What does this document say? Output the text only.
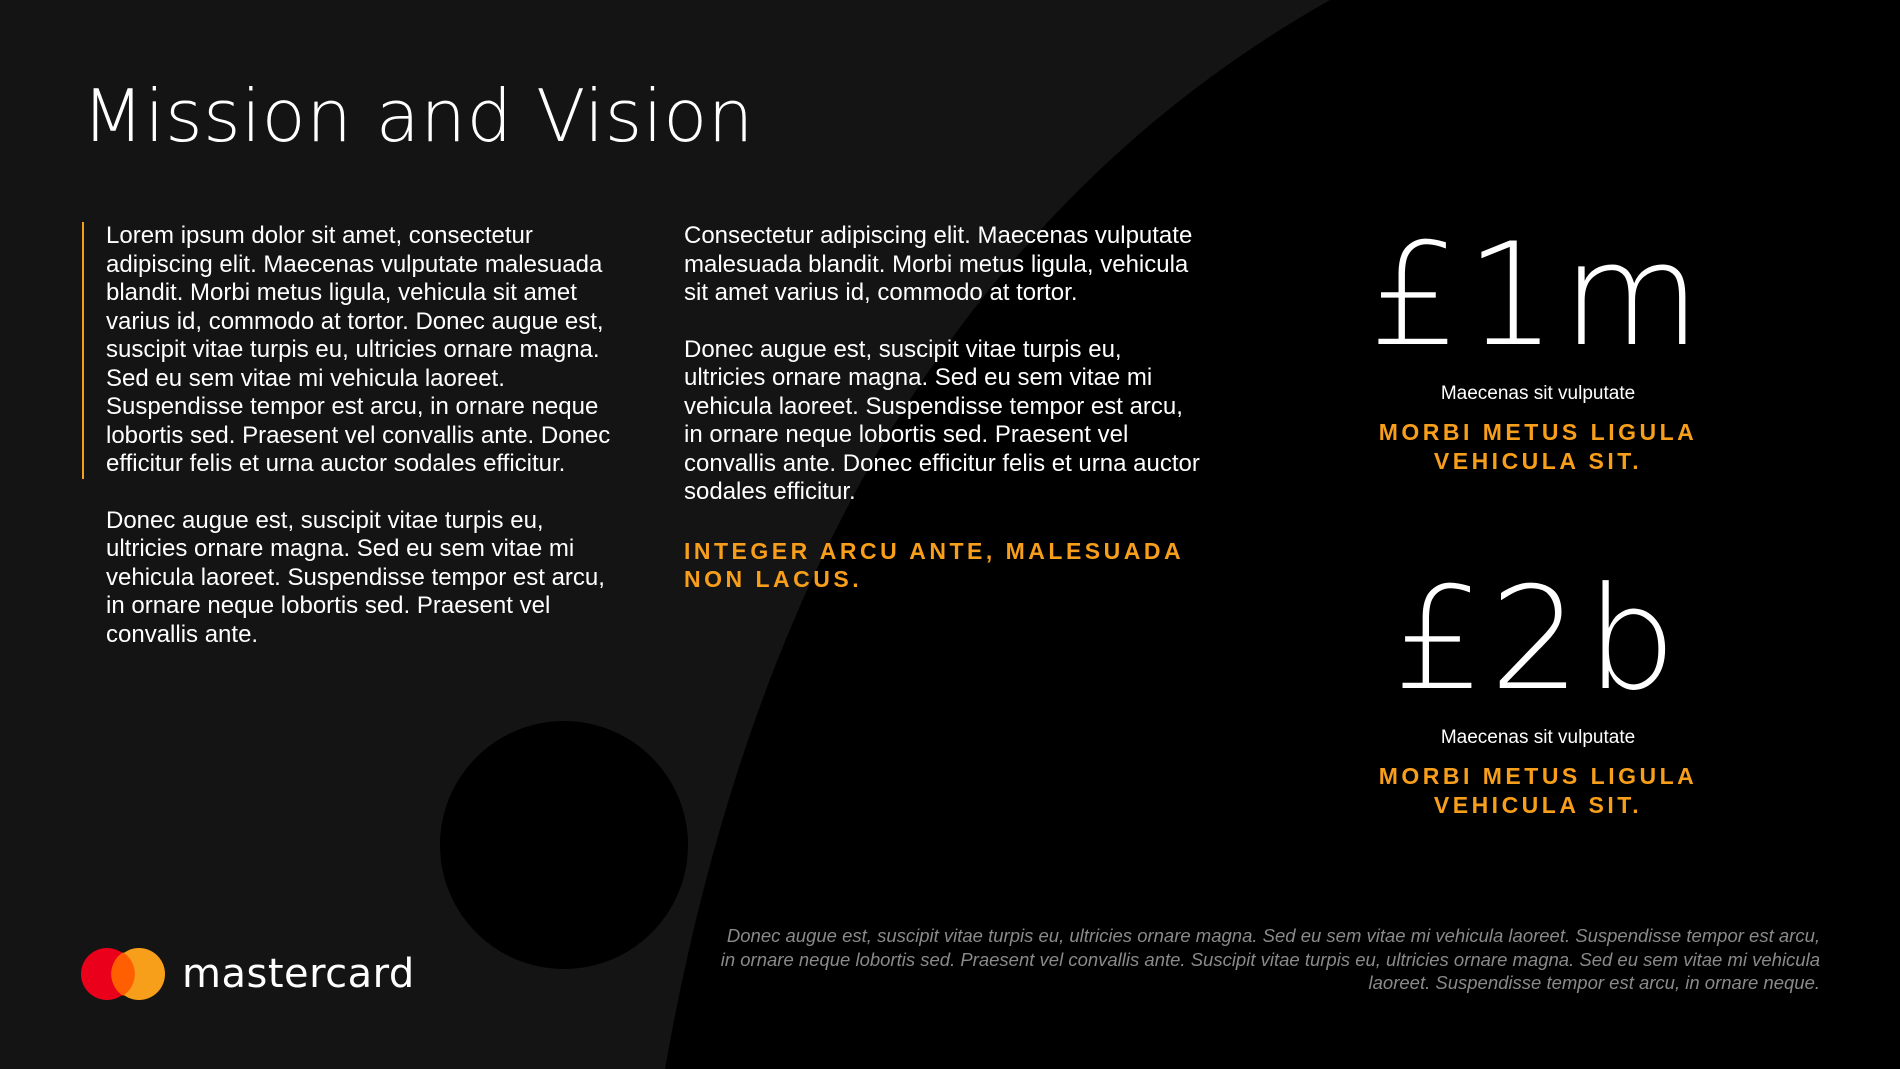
Mission and Vision

Lorem ipsum dolor sit amet, consectetur adipiscing elit. Maecenas vulputate malesuada blandit. Morbi metus ligula, vehicula sit amet varius id, commodo at tortor. Donec augue est, suscipit vitae turpis eu, ultricies ornare magna. Sed eu sem vitae mi vehicula laoreet. Suspendisse tempor est arcu, in ornare neque lobortis sed. Praesent vel convallis ante. Donec efficitur felis et urna auctor sodales efficitur.

Donec augue est, suscipit vitae turpis eu, ultricies ornare magna. Sed eu sem vitae mi vehicula laoreet. Suspendisse tempor est arcu, in ornare neque lobortis sed. Praesent vel convallis ante.

Consectetur adipiscing elit. Maecenas vulputate malesuada blandit. Morbi metus ligula, vehicula sit amet varius id, commodo at tortor.

Donec augue est, suscipit vitae turpis eu, ultricies ornare magna. Sed eu sem vitae mi vehicula laoreet. Suspendisse tempor est arcu, in ornare neque lobortis sed. Praesent vel convallis ante. Donec efficitur felis et urna auctor sodales efficitur.

INTEGER ARCU ANTE, MALESUADA NON LACUS.

£1m

Maecenas sit vulputate

MORBI METUS LIGULA VEHICULA SIT.

£2b

Maecenas sit vulputate

MORBI METUS LIGULA VEHICULA SIT.

Donec augue est, suscipit vitae turpis eu, ultricies ornare magna. Sed eu sem vitae mi vehicula laoreet. Suspendisse tempor est arcu, in ornare neque lobortis sed. Praesent vel convallis ante. Suscipit vitae turpis eu, ultricies ornare magna. Sed eu sem vitae mi vehicula laoreet. Suspendisse tempor est arcu, in ornare neque.

mastercard
